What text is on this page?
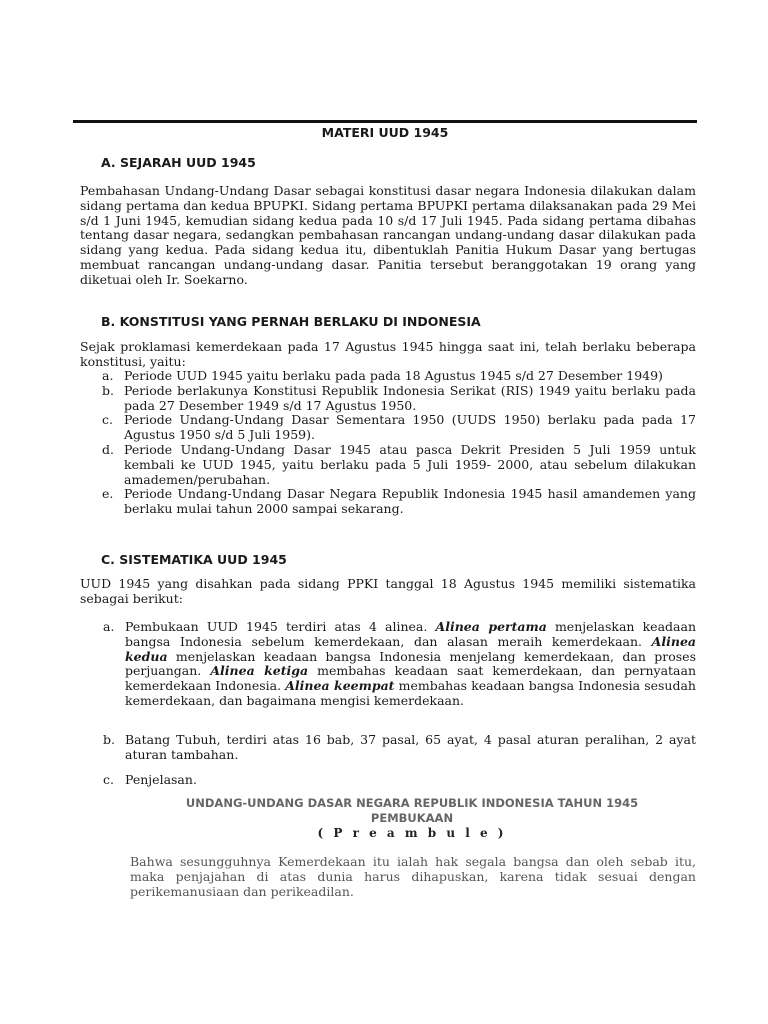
MATERI UUD 1945
A. SEJARAH UUD 1945

Pembahasan Undang-Undang Dasar sebagai konstitusi dasar negara Indonesia dilakukan dalam sidang pertama dan kedua BPUPKI. Sidang pertama BPUPKI pertama dilaksanakan pada 29 Mei s/d 1 Juni 1945, kemudian sidang kedua pada 10 s/d 17 Juli 1945. Pada sidang pertama dibahas tentang dasar negara, sedangkan pembahasan rancangan undang-undang dasar dilakukan pada sidang yang kedua. Pada sidang kedua itu, dibentuklah Panitia Hukum Dasar yang bertugas membuat rancangan undang-undang dasar. Panitia tersebut beranggotakan 19 orang yang diketuai oleh Ir. Soekarno.

B. KONSTITUSI YANG PERNAH BERLAKU DI INDONESIA

Sejak proklamasi kemerdekaan pada 17 Agustus 1945 hingga saat ini, telah berlaku beberapa konstitusi, yaitu:

a. Periode UUD 1945 yaitu berlaku pada pada 18 Agustus 1945 s/d 27 Desember 1949)
b. Periode berlakunya Konstitusi Republik Indonesia Serikat (RIS) 1949 yaitu berlaku pada pada 27 Desember 1949 s/d 17 Agustus 1950.
c. Periode Undang-Undang Dasar Sementara 1950 (UUDS 1950) berlaku pada pada 17 Agustus 1950 s/d 5 Juli 1959).
d. Periode Undang-Undang Dasar 1945 atau pasca Dekrit Presiden 5 Juli 1959 untuk kembali ke UUD 1945, yaitu berlaku pada 5 Juli 1959- 2000, atau sebelum dilakukan amademen/perubahan.
e. Periode Undang-Undang Dasar Negara Republik Indonesia 1945 hasil amandemen yang berlaku mulai tahun 2000 sampai sekarang.
C. SISTEMATIKA UUD 1945

UUD 1945 yang disahkan pada sidang PPKI tanggal 18 Agustus 1945 memiliki sistematika sebagai berikut:

a. Pembukaan UUD 1945 terdiri atas 4 alinea. Alinea pertama menjelaskan keadaan bangsa Indonesia sebelum kemerdekaan, dan alasan meraih kemerdekaan. Alinea kedua menjelaskan keadaan bangsa Indonesia menjelang kemerdekaan, dan proses perjuangan. Alinea ketiga membahas keadaan saat kemerdekaan, dan pernyataan kemerdekaan Indonesia. Alinea keempat membahas keadaan bangsa Indonesia sesudah kemerdekaan, dan bagaimana mengisi kemerdekaan.
b. Batang Tubuh, terdiri atas 16 bab, 37 pasal, 65 ayat, 4 pasal aturan peralihan, 2 ayat aturan tambahan.
c. Penjelasan.
UNDANG-UNDANG DASAR NEGARA REPUBLIK INDONESIA TAHUN 1945
PEMBUKAAN
( P r e a m b u l e )

Bahwa sesungguhnya Kemerdekaan itu ialah hak segala bangsa dan oleh sebab itu, maka penjajahan di atas dunia harus dihapuskan, karena tidak sesuai dengan perikemanusiaan dan perikeadilan.
